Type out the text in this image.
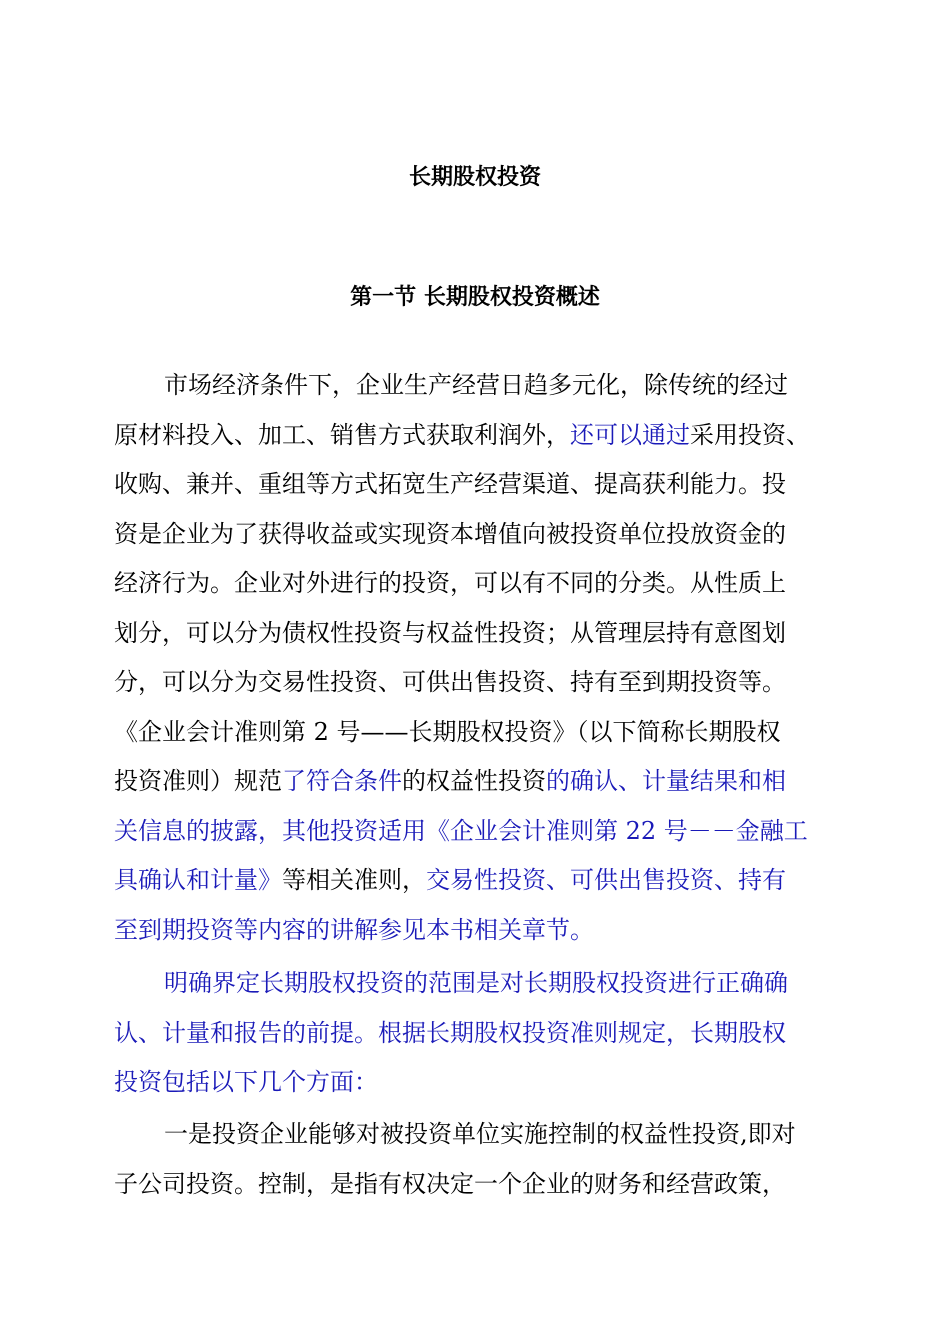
长期股权投资
第一节 长期股权投资概述
市场经济条件下，企业生产经营日趋多元化，除传统的经过
原材料投入、加工、销售方式获取利润外，还可以通过采用投资、
收购、兼并、重组等方式拓宽生产经营渠道、提高获利能力。投
资是企业为了获得收益或实现资本增值向被投资单位投放资金的
经济行为。企业对外进行的投资，可以有不同的分类。从性质上
划分，可以分为债权性投资与权益性投资；从管理层持有意图划
分，可以分为交易性投资、可供出售投资、持有至到期投资等。
《企业会计准则第 2 号——长期股权投资》（以下简称长期股权
投资准则）规范了符合条件的权益性投资的确认、计量结果和相
关信息的披露，其他投资适用《企业会计准则第 22 号－－金融工
具确认和计量》等相关准则，交易性投资、可供出售投资、持有
至到期投资等内容的讲解参见本书相关章节。
明确界定长期股权投资的范围是对长期股权投资进行正确确
认、计量和报告的前提。根据长期股权投资准则规定，长期股权
投资包括以下几个方面：
一是投资企业能够对被投资单位实施控制的权益性投资,即对
子公司投资。控制，是指有权决定一个企业的财务和经营政策，
